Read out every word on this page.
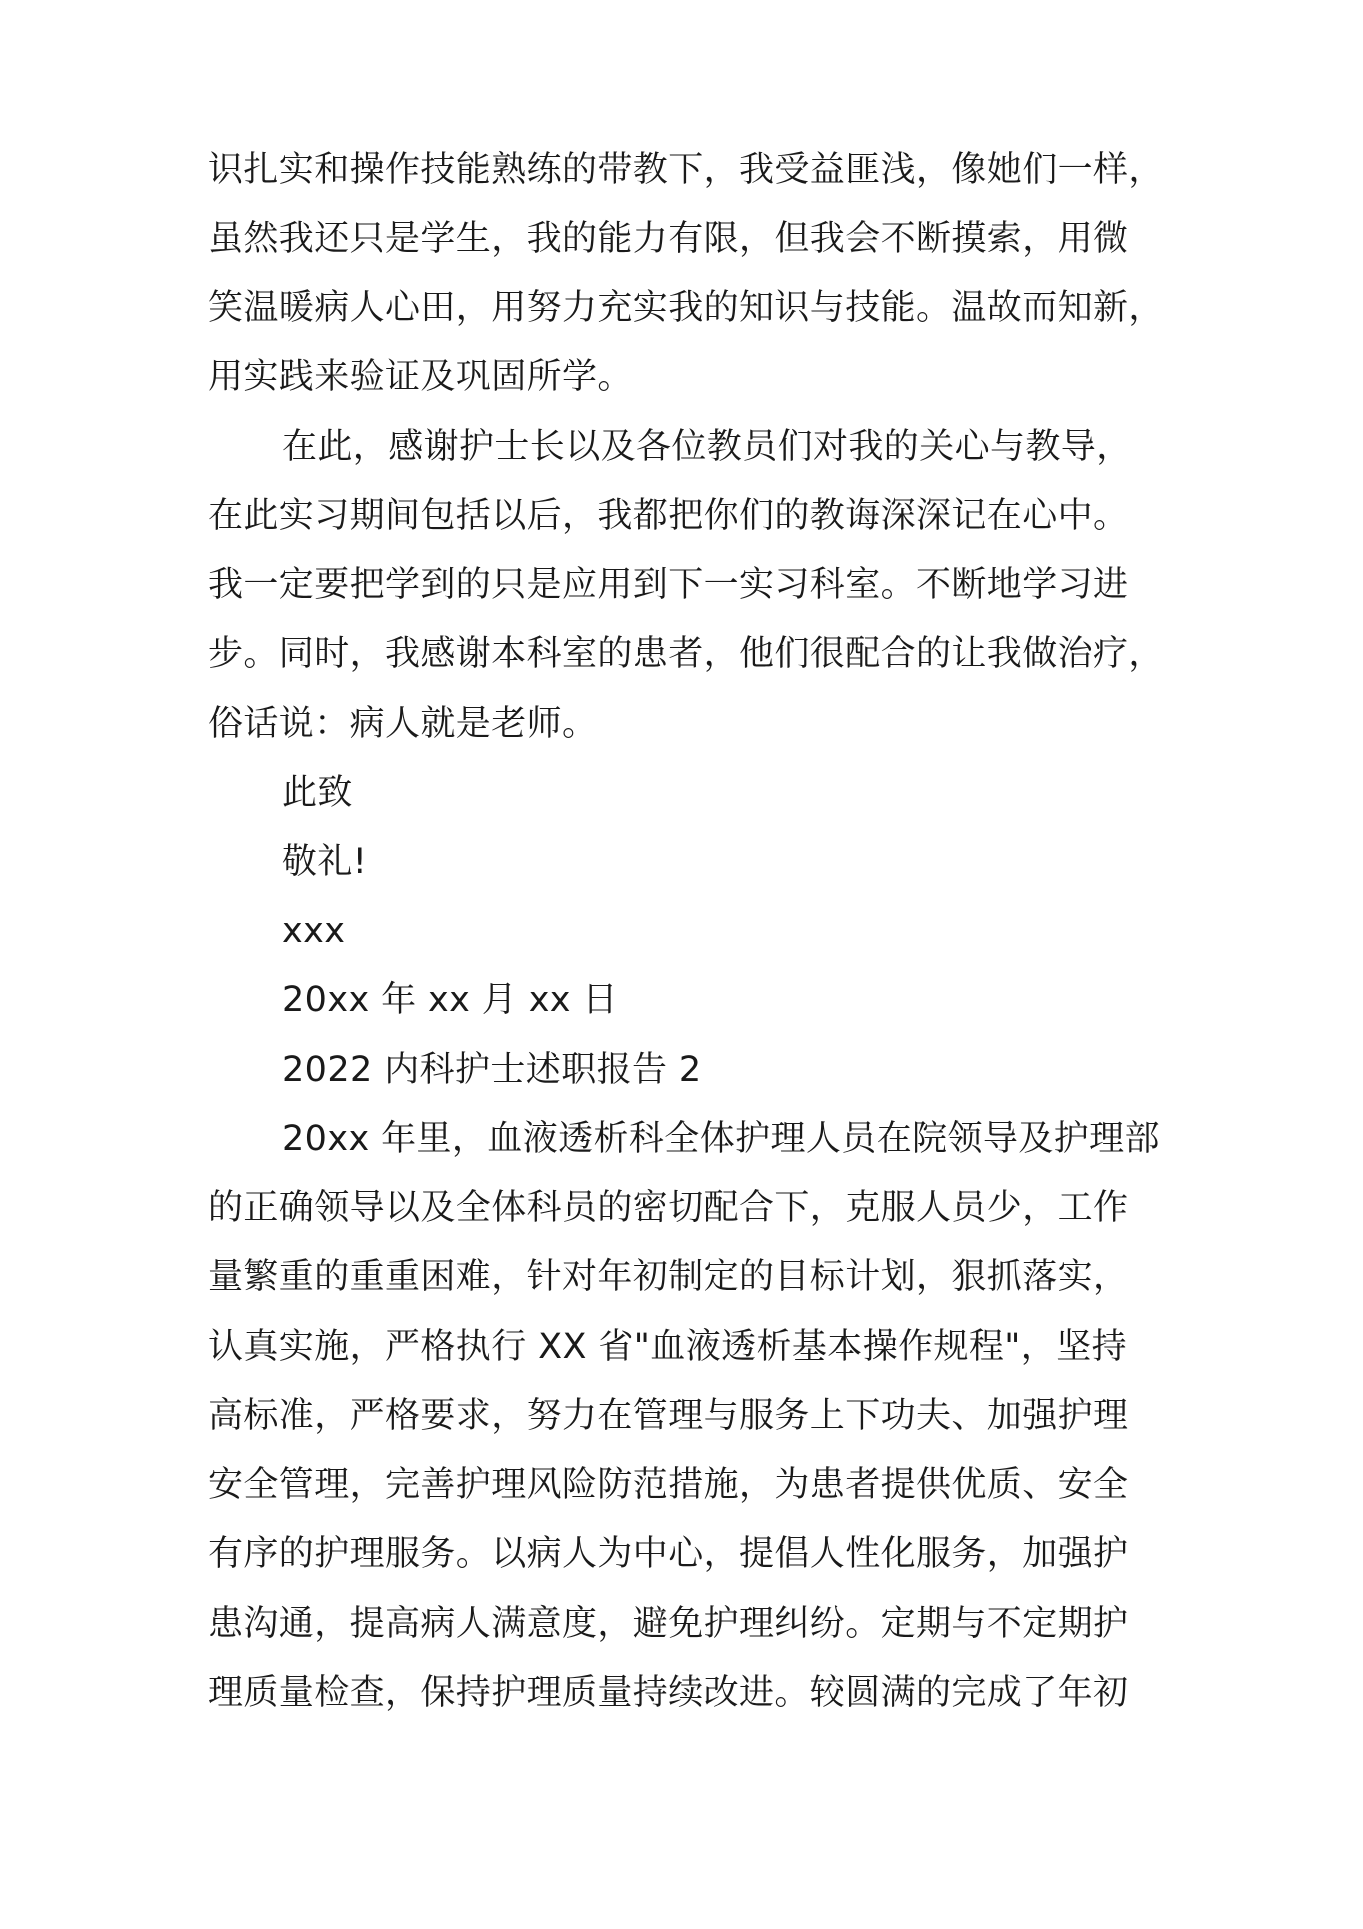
识扎实和操作技能熟练的带教下，我受益匪浅，像她们一样，
虽然我还只是学生，我的能力有限，但我会不断摸索，用微
笑温暖病人心田，用努力充实我的知识与技能。温故而知新，
用实践来验证及巩固所学。
在此，感谢护士长以及各位教员们对我的关心与教导，
在此实习期间包括以后，我都把你们的教诲深深记在心中。
我一定要把学到的只是应用到下一实习科室。不断地学习进
步。同时，我感谢本科室的患者，他们很配合的让我做治疗，
俗话说：病人就是老师。
此致
敬礼!
xxx
20xx 年 xx 月 xx 日
2022 内科护士述职报告 2
20xx 年里，血液透析科全体护理人员在院领导及护理部
的正确领导以及全体科员的密切配合下，克服人员少，工作
量繁重的重重困难，针对年初制定的目标计划，狠抓落实，
认真实施，严格执行 XX 省"血液透析基本操作规程"，坚持
高标准，严格要求，努力在管理与服务上下功夫、加强护理
安全管理，完善护理风险防范措施，为患者提供优质、安全
有序的护理服务。以病人为中心，提倡人性化服务，加强护
患沟通，提高病人满意度，避免护理纠纷。定期与不定期护
理质量检查，保持护理质量持续改进。较圆满的完成了年初
